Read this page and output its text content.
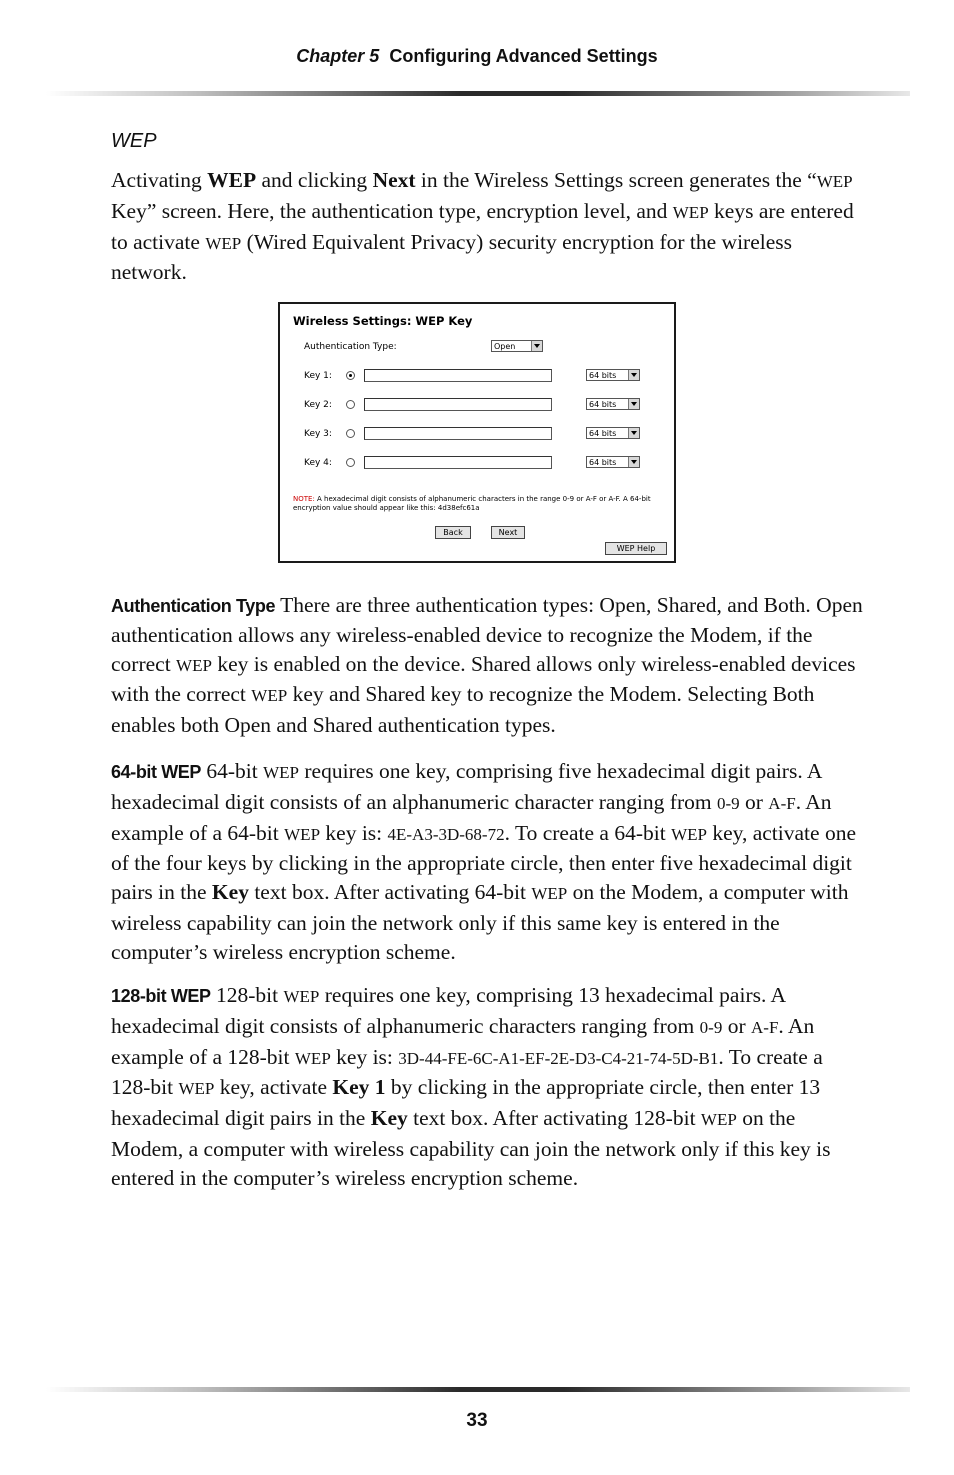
Chapter 5 Configuring Advanced Settings
WEP

Activating WEP and clicking Next in the Wireless Settings screen generates the “WEP Key” screen. Here, the authentication type, encryption level, and WEP keys are entered to activate WEP (Wired Equivalent Privacy) security encryption for the wireless network.

Wireless Settings: WEP Key
Authentication Type:	Open
Key 1:	64 bits
Key 2:	64 bits
Key 3:	64 bits
Key 4:	64 bits
NOTE: A hexadecimal digit consists of alphanumeric characters in the range 0-9 or A-F or A-F. A 64-bit encryption value should appear like this: 4d38efc61a
Back	Next
WEP Help

Authentication Type There are three authentication types: Open, Shared, and Both. Open authentication allows any wireless-enabled device to recognize the Modem, if the correct WEP key is enabled on the device. Shared allows only wireless-enabled devices with the correct WEP key and Shared key to recognize the Modem. Selecting Both enables both Open and Shared authentication types.

64-bit WEP 64-bit WEP requires one key, comprising five hexadecimal digit pairs. A hexadecimal digit consists of an alphanumeric character ranging from 0-9 or A-F. An example of a 64-bit WEP key is: 4E-A3-3D-68-72. To create a 64-bit WEP key, activate one of the four keys by clicking in the appropriate circle, then enter five hexadecimal digit pairs in the Key text box. After activating 64-bit WEP on the Modem, a computer with wireless capability can join the network only if this same key is entered in the computer’s wireless encryption scheme.

128-bit WEP 128-bit WEP requires one key, comprising 13 hexadecimal pairs. A hexadecimal digit consists of alphanumeric characters ranging from 0-9 or A-F. An example of a 128-bit WEP key is: 3D-44-FE-6C-A1-EF-2E-D3-C4-21-74-5D-B1. To create a 128-bit WEP key, activate Key 1 by clicking in the appropriate circle, then enter 13 hexadecimal digit pairs in the Key text box. After activating 128-bit WEP on the Modem, a computer with wireless capability can join the network only if this key is entered in the computer’s wireless encryption scheme.

33
